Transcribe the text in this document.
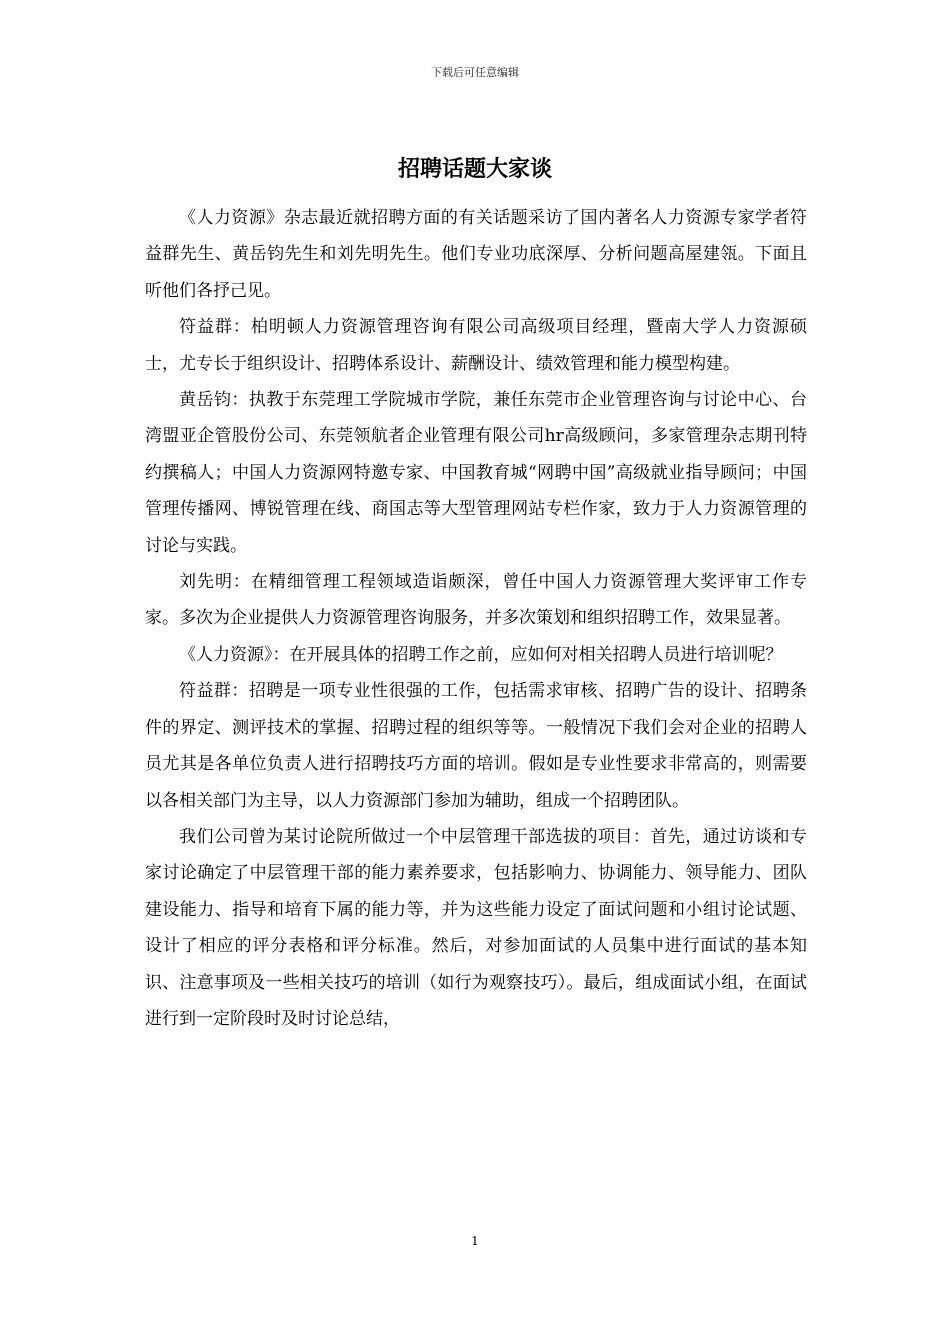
下载后可任意编辑
招聘话题大家谈

《人力资源》杂志最近就招聘方面的有关话题采访了国内著名人力资源专家学者符益群先生、黄岳钧先生和刘先明先生。他们专业功底深厚、分析问题高屋建瓴。下面且听他们各抒己见。

符益群：柏明顿人力资源管理咨询有限公司高级项目经理，暨南大学人力资源硕士，尤专长于组织设计、招聘体系设计、薪酬设计、绩效管理和能力模型构建。

黄岳钧：执教于东莞理工学院城市学院，兼任东莞市企业管理咨询与讨论中心、台湾盟亚企管股份公司、东莞领航者企业管理有限公司hr高级顾问，多家管理杂志期刊特约撰稿人；中国人力资源网特邀专家、中国教育城“网聘中国”高级就业指导顾问；中国管理传播网、博锐管理在线、商国志等大型管理网站专栏作家，致力于人力资源管理的讨论与实践。

刘先明：在精细管理工程领域造诣颇深，曾任中国人力资源管理大奖评审工作专家。多次为企业提供人力资源管理咨询服务，并多次策划和组织招聘工作，效果显著。

《人力资源》：在开展具体的招聘工作之前，应如何对相关招聘人员进行培训呢？

符益群：招聘是一项专业性很强的工作，包括需求审核、招聘广告的设计、招聘条件的界定、测评技术的掌握、招聘过程的组织等等。一般情况下我们会对企业的招聘人员尤其是各单位负责人进行招聘技巧方面的培训。假如是专业性要求非常高的，则需要以各相关部门为主导，以人力资源部门参加为辅助，组成一个招聘团队。

我们公司曾为某讨论院所做过一个中层管理干部选拔的项目：首先，通过访谈和专家讨论确定了中层管理干部的能力素养要求，包括影响力、协调能力、领导能力、团队建设能力、指导和培育下属的能力等，并为这些能力设定了面试问题和小组讨论试题、设计了相应的评分表格和评分标准。然后，对参加面试的人员集中进行面试的基本知识、注意事项及一些相关技巧的培训（如行为观察技巧）。最后，组成面试小组，在面试进行到一定阶段时及时讨论总结，

1
